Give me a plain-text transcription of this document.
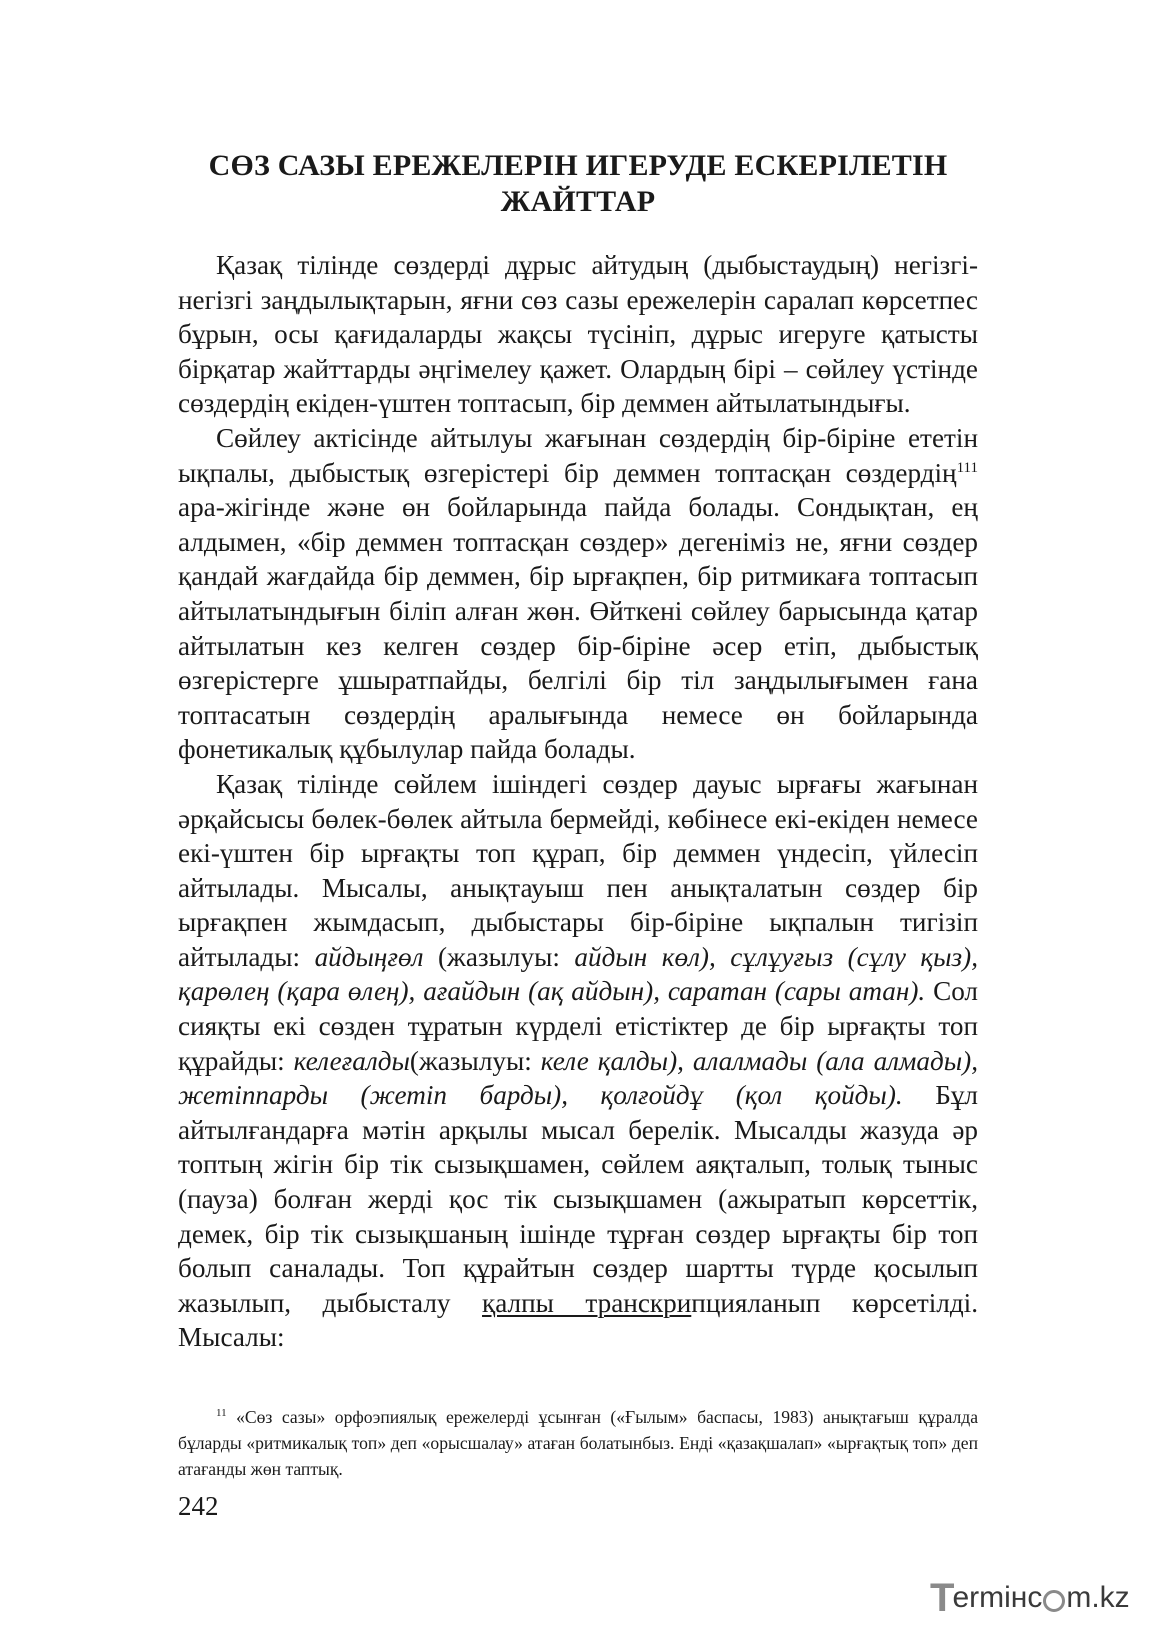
СӨЗ САЗЫ ЕРЕЖЕЛЕРІН ИГЕРУДЕ ЕСКЕРІЛЕТІН
ЖАЙТТАР

Қазақ тілінде сөздерді дұрыс айтудың (дыбыстаудың) негізгі-негізгі заңдылықтарын, яғни сөз сазы ережелерін саралап көрсетпес бұрын, осы қағидаларды жақсы түсініп, дұрыс игеруге қатысты бірқатар жайттарды әңгімелеу қажет. Олардың бірі – сөйлеу үстінде сөздердің екіден-үштен топтасып, бір деммен айтылатындығы.

Сөйлеу актісінде айтылуы жағынан сөздердің бір-біріне ететін ықпалы, дыбыстық өзгерістері бір деммен топтасқан сөздердің$^{111}$ ара-жігінде және өн бойларында пайда болады. Сондықтан, ең алдымен, «бір деммен топтасқан сөздер» дегеніміз не, яғни сөздер қандай жағдайда бір деммен, бір ырғақпен, бір ритмикаға топтасып айтылатындығын біліп алған жөн. Өйткені сөйлеу барысында қатар айтылатын кез келген сөздер бір-біріне әсер етіп, дыбыстық өзгерістерге ұшыратпайды, белгілі бір тіл заңдылығымен ғана топтасатын сөздердің аралығында немесе өн бойларында фонетикалық құбылулар пайда болады.

Қазақ тілінде сөйлем ішіндегі сөздер дауыс ырғағы жағынан әрқайсысы бөлек-бөлек айтыла бермейді, көбінесе екі-екіден немесе екі-үштен бір ырғақты топ құрап, бір деммен үндесіп, үйлесіп айтылады. Мысалы, анықтауыш пен анықталатын сөздер бір ырғақпен жымдасып, дыбыстары бір-біріне ықпалын тигізіп айтылады: айдыңғөл (жазылуы: айдын көл), сұлұуғыз (сұлу қыз), қарөлең (қара өлең), ағайдын (ақ айдын), саратан (сары атан). Сол сияқты екі сөзден тұратын күрделі етістіктер де бір ырғақты топ құрайды: келеғалды(жазылуы: келе қалды), алалмады (ала алмады), жетіппарды (жетіп барды), қолғойдұ (қол қойды). Бұл айтылғандарға мәтін арқылы мысал берелік. Мысалды жазуда әр топтың жігін бір тік сызықшамен, сөйлем аяқталып, толық тыныс (пауза) болған жерді қос тік сызықшамен (ажыратып көрсеттік, демек, бір тік сызықшаның ішінде тұрған сөздер ырғақты бір топ болып саналады. Топ құрайтын сөздер шартты түрде қосылып жазылып, дыбысталу қалпы транскрипцияланып көрсетілді. Мысалы:

$^{11}$ «Сөз сазы» орфоэпиялық ережелерді ұсынған («Ғылым» баспасы, 1983) анықтағыш құралда бұларды «ритмикалық топ» деп «орысшалау» атаған болатынбыз. Енді «қазақшалап» «ырғақтық топ» деп атағанды жөн таптық.
242
T
ermінc m.kz
